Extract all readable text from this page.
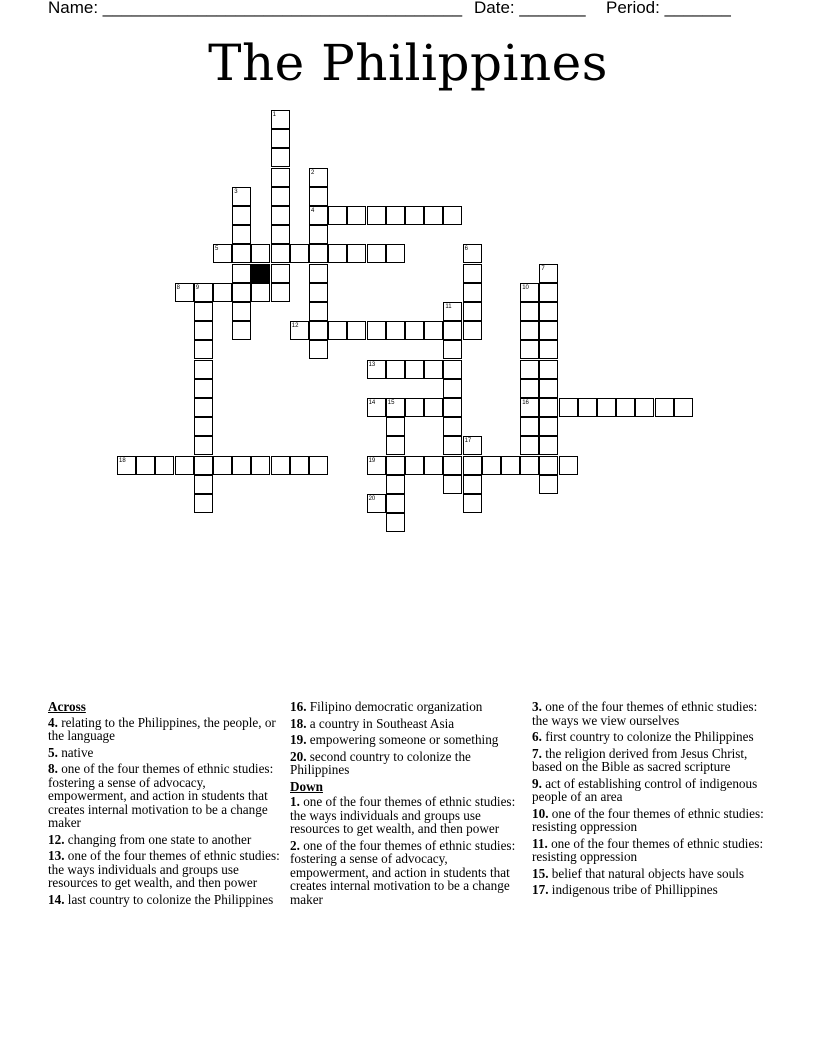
Name: ______________________________________ Date: _______ Period: _______
The Philippines
1
2
3
4
5	6
7
8	9	10
11
12
13
14 15	16
17
18	19
20
Across
4. relating to the Philippines, the people, or the language
5. native
8. one of the four themes of ethnic studies: fostering a sense of advocacy, empowerment, and action in students that creates internal motivation to be a change maker
12. changing from one state to another
13. one of the four themes of ethnic studies: the ways individuals and groups use resources to get wealth, and then power
14. last country to colonize the Philippines
16. Filipino democratic organization
18. a country in Southeast Asia
19. empowering someone or something
20. second country to colonize the Philippines
Down
1. one of the four themes of ethnic studies: the ways individuals and groups use resources to get wealth, and then power
2. one of the four themes of ethnic studies: fostering a sense of advocacy, empowerment, and action in students that creates internal motivation to be a change maker
3. one of the four themes of ethnic studies: the ways we view ourselves
6. first country to colonize the Philippines
7. the religion derived from Jesus Christ, based on the Bible as sacred scripture
9. act of establishing control of indigenous people of an area
10. one of the four themes of ethnic studies: resisting oppression
11. one of the four themes of ethnic studies: resisting oppression
15. belief that natural objects have souls
17. indigenous tribe of Phillippines
